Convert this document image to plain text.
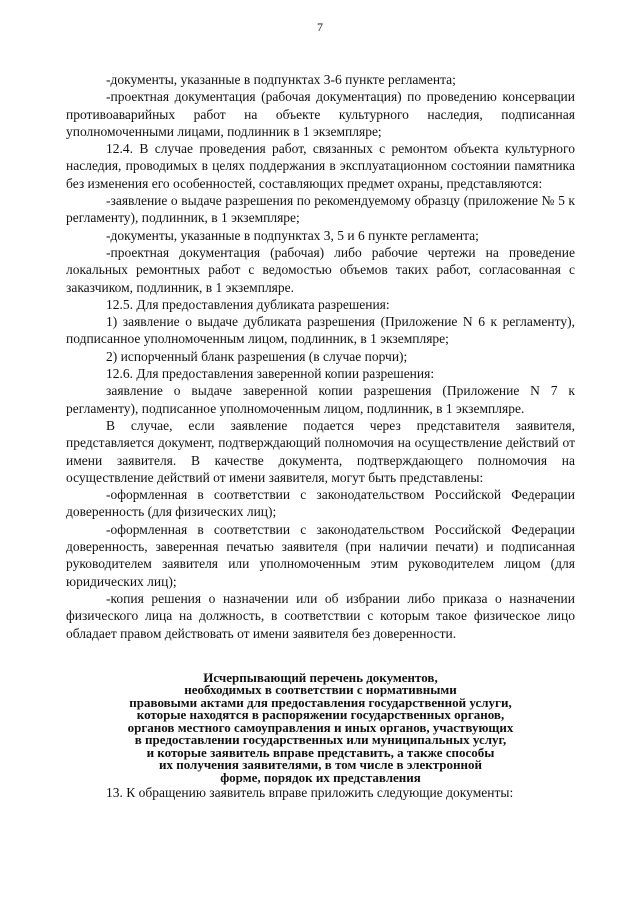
7

-документы, указанные в подпунктах 3-6 пункте регламента;

-проектная документация (рабочая документация) по проведению консервации противоаварийных работ на объекте культурного наследия, подписанная уполномоченными лицами, подлинник в 1 экземпляре;

12.4. В случае проведения работ, связанных с ремонтом объекта культурного наследия, проводимых в целях поддержания в эксплуатационном состоянии памятника без изменения его особенностей, составляющих предмет охраны, представляются:

-заявление о выдаче разрешения по рекомендуемому образцу (приложение № 5 к регламенту), подлинник, в 1 экземпляре;

-документы, указанные в подпунктах 3, 5 и 6 пункте регламента;

-проектная документация (рабочая) либо рабочие чертежи на проведение локальных ремонтных работ с ведомостью объемов таких работ, согласованная с заказчиком, подлинник, в 1 экземпляре.

12.5. Для предоставления дубликата разрешения:

1) заявление о выдаче дубликата разрешения (Приложение N 6 к регламенту), подписанное уполномоченным лицом, подлинник, в 1 экземпляре;

2) испорченный бланк разрешения (в случае порчи);

12.6. Для предоставления заверенной копии разрешения:

заявление о выдаче заверенной копии разрешения (Приложение N 7 к регламенту), подписанное уполномоченным лицом, подлинник, в 1 экземпляре.

В случае, если заявление подается через представителя заявителя, представляется документ, подтверждающий полномочия на осуществление действий от имени заявителя. В качестве документа, подтверждающего полномочия на осуществление действий от имени заявителя, могут быть представлены:

-оформленная в соответствии с законодательством Российской Федерации доверенность (для физических лиц);

-оформленная в соответствии с законодательством Российской Федерации доверенность, заверенная печатью заявителя (при наличии печати) и подписанная руководителем заявителя или уполномоченным этим руководителем лицом (для юридических лиц);

-копия решения о назначении или об избрании либо приказа о назначении физического лица на должность, в соответствии с которым такое физическое лицо обладает правом действовать от имени заявителя без доверенности.

Исчерпывающий перечень документов,
необходимых в соответствии с нормативными
правовыми актами для предоставления государственной услуги,
которые находятся в распоряжении государственных органов,
органов местного самоуправления и иных органов, участвующих
в предоставлении государственных или муниципальных услуг,
и которые заявитель вправе представить, а также способы
их получения заявителями, в том числе в электронной
форме, порядок их представления

13. К обращению заявитель вправе приложить следующие документы:
